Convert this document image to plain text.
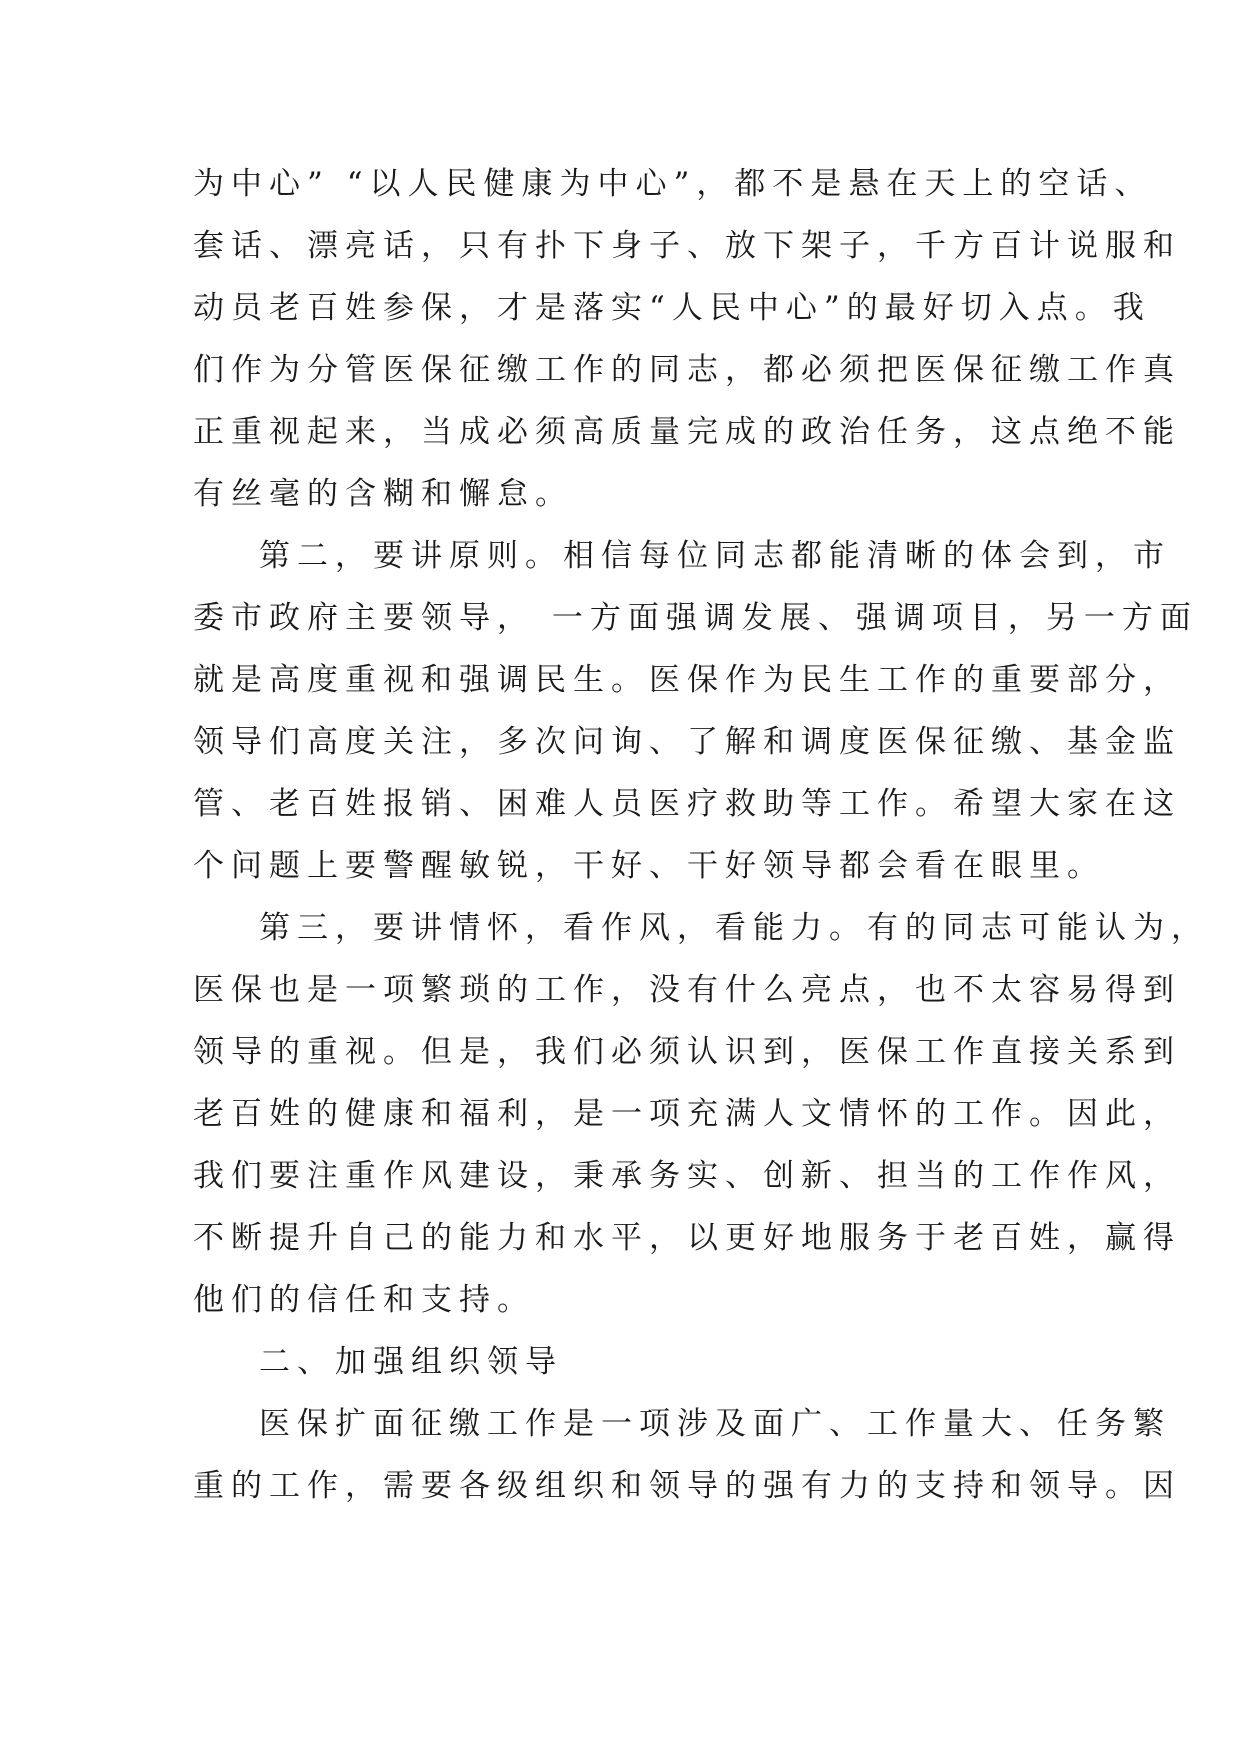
为中心” “以人民健康为中心”，都不是悬在天上的空话、
套话、漂亮话，只有扑下身子、放下架子，千方百计说服和
动员老百姓参保，才是落实“人民中心”的最好切入点。我
们作为分管医保征缴工作的同志，都必须把医保征缴工作真
正重视起来，当成必须高质量完成的政治任务，这点绝不能
有丝毫的含糊和懈怠。
第二，要讲原则。相信每位同志都能清晰的体会到，市
委市政府主要领导， 一方面强调发展、强调项目，另一方面
就是高度重视和强调民生。医保作为民生工作的重要部分，
领导们高度关注，多次问询、了解和调度医保征缴、基金监
管、老百姓报销、困难人员医疗救助等工作。希望大家在这
个问题上要警醒敏锐，干好、干好领导都会看在眼里。
第三，要讲情怀，看作风，看能力。有的同志可能认为，
医保也是一项繁琐的工作，没有什么亮点，也不太容易得到
领导的重视。但是，我们必须认识到，医保工作直接关系到
老百姓的健康和福利，是一项充满人文情怀的工作。因此，
我们要注重作风建设，秉承务实、创新、担当的工作作风，
不断提升自己的能力和水平，以更好地服务于老百姓，赢得
他们的信任和支持。
二、加强组织领导
医保扩面征缴工作是一项涉及面广、工作量大、任务繁
重的工作，需要各级组织和领导的强有力的支持和领导。因
